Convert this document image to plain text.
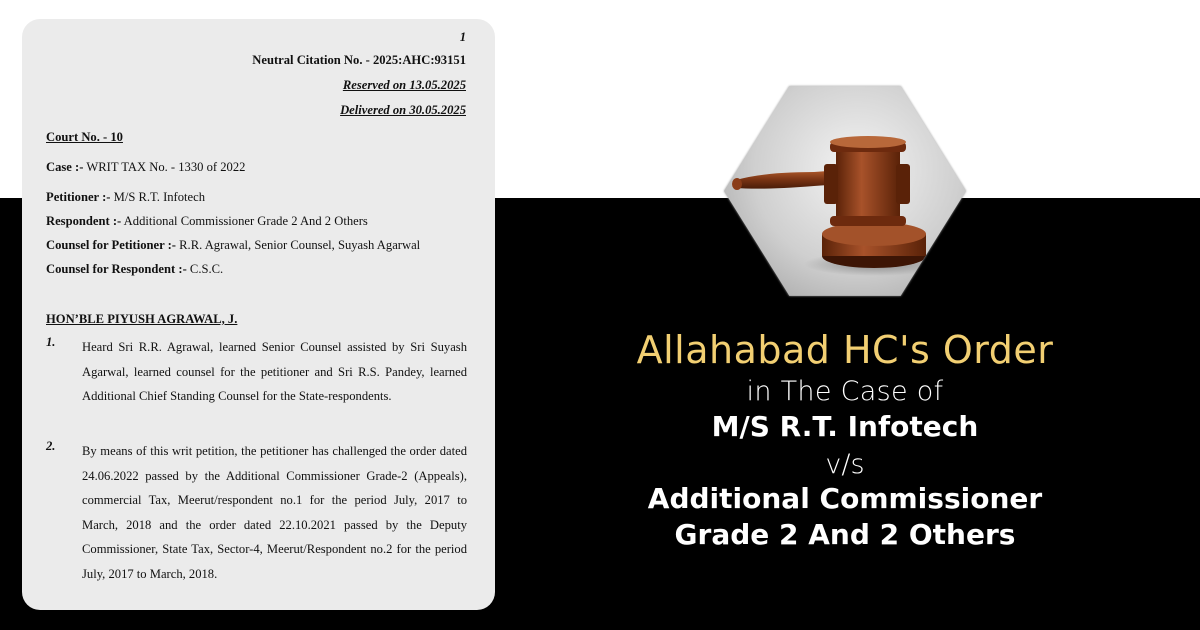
1
Neutral Citation No. - 2025:AHC:93151
Reserved on 13.05.2025
Delivered on 30.05.2025
Court No. - 10
Case :- WRIT TAX No. - 1330 of 2022
Petitioner :- M/S R.T. Infotech
Respondent :- Additional Commissioner Grade 2 And 2 Others
Counsel for Petitioner :- R.R. Agrawal, Senior Counsel, Suyash Agarwal
Counsel for Respondent :- C.S.C.
HON’BLE PIYUSH AGRAWAL, J.
1. Heard Sri R.R. Agrawal, learned Senior Counsel assisted by Sri Suyash Agarwal, learned counsel for the petitioner and Sri R.S. Pandey, learned Additional Chief Standing Counsel for the State-respondents.
2. By means of this writ petition, the petitioner has challenged the order dated 24.06.2022 passed by the Additional Commissioner Grade-2 (Appeals), commercial Tax, Meerut/respondent no.1 for the period July, 2017 to March, 2018 and the order dated 22.10.2021 passed by the Deputy Commissioner, State Tax, Sector-4, Meerut/Respondent no.2 for the period July, 2017 to March, 2018.
Allahabad HC's Order
in The Case of
M/S R.T. Infotech
v/s
Additional Commissioner
Grade 2 And 2 Others
